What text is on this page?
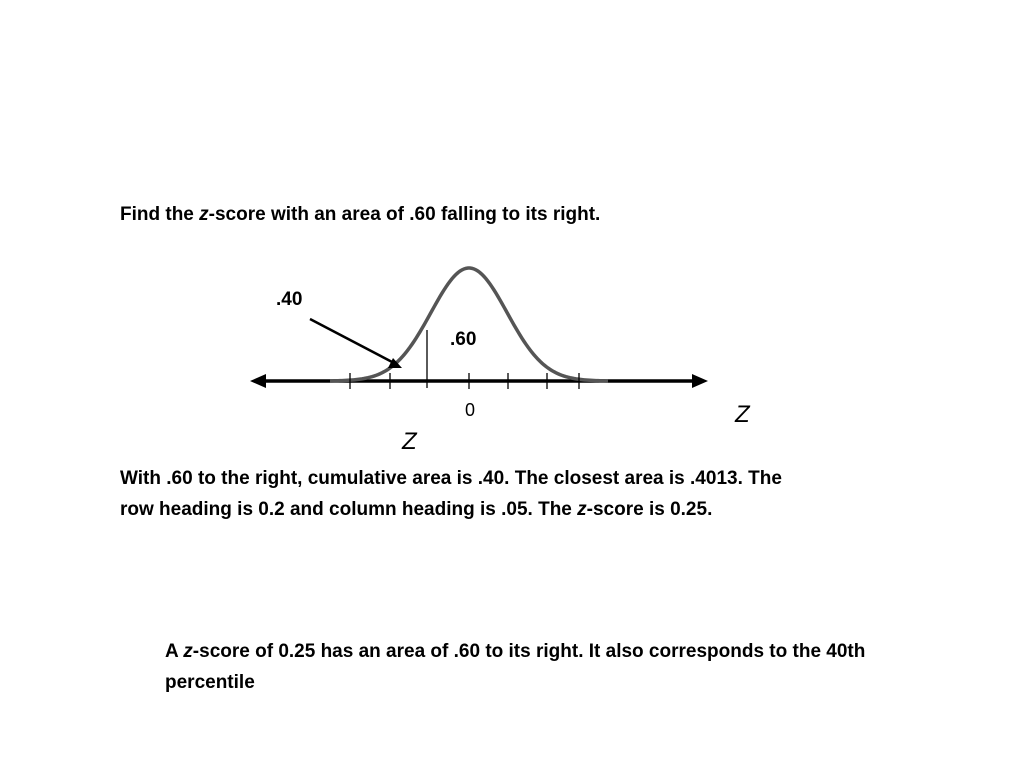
Find the z-score with an area of .60 falling to its right.

.40
.60
0	Z
Z

With .60 to the right, cumulative area is .40. The closest area is .4013. The row heading is 0.2 and column heading is .05. The z-score is 0.25.

A z-score of 0.25 has an area of .60 to its right. It also corresponds to the 40th percentile
